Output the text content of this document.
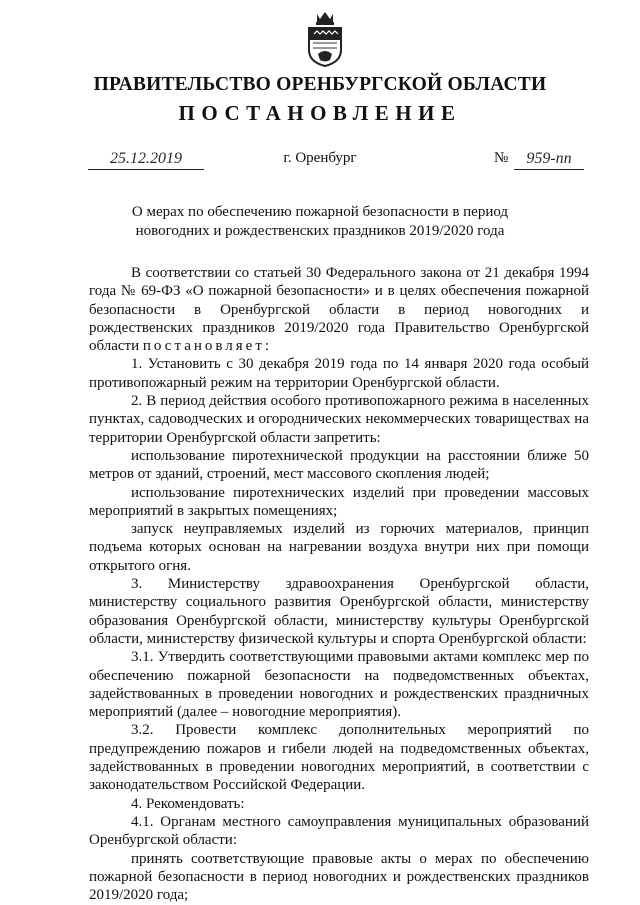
ПРАВИТЕЛЬСТВО ОРЕНБУРГСКОЙ ОБЛАСТИ
ПОСТАНОВЛЕНИЕ
25.12.2019	г. Оренбург	№	959-пп
О мерах по обеспечению пожарной безопасности в период
новогодних и рождественских праздников 2019/2020 года

В соответствии со статьей 30 Федерального закона от 21 декабря 1994 года № 69-ФЗ «О пожарной безопасности» и в целях обеспечения пожарной безопасности в Оренбургской области в период новогодних и рождественских праздников 2019/2020 года Правительство Оренбургской области постановляет:

1. Установить с 30 декабря 2019 года по 14 января 2020 года особый противопожарный режим на территории Оренбургской области.

2. В период действия особого противопожарного режима в населенных пунктах, садоводческих и огороднических некоммерческих товариществах на территории Оренбургской области запретить:

использование пиротехнической продукции на расстоянии ближе 50 метров от зданий, строений, мест массового скопления людей;

использование пиротехнических изделий при проведении массовых мероприятий в закрытых помещениях;

запуск неуправляемых изделий из горючих материалов, принцип подъема которых основан на нагревании воздуха внутри них при помощи открытого огня.

3. Министерству здравоохранения Оренбургской области, министерству социального развития Оренбургской области, министерству образования Оренбургской области, министерству культуры Оренбургской области, министерству физической культуры и спорта Оренбургской области:

3.1. Утвердить соответствующими правовыми актами комплекс мер по обеспечению пожарной безопасности на подведомственных объектах, задействованных в проведении новогодних и рождественских праздничных мероприятий (далее – новогодние мероприятия).

3.2. Провести комплекс дополнительных мероприятий по предупреждению пожаров и гибели людей на подведомственных объектах, задействованных в проведении новогодних мероприятий, в соответствии с законодательством Российской Федерации.

4. Рекомендовать:

4.1. Органам местного самоуправления муниципальных образований Оренбургской области:

принять соответствующие правовые акты о мерах по обеспечению пожарной безопасности в период новогодних и рождественских праздников 2019/2020 года;
